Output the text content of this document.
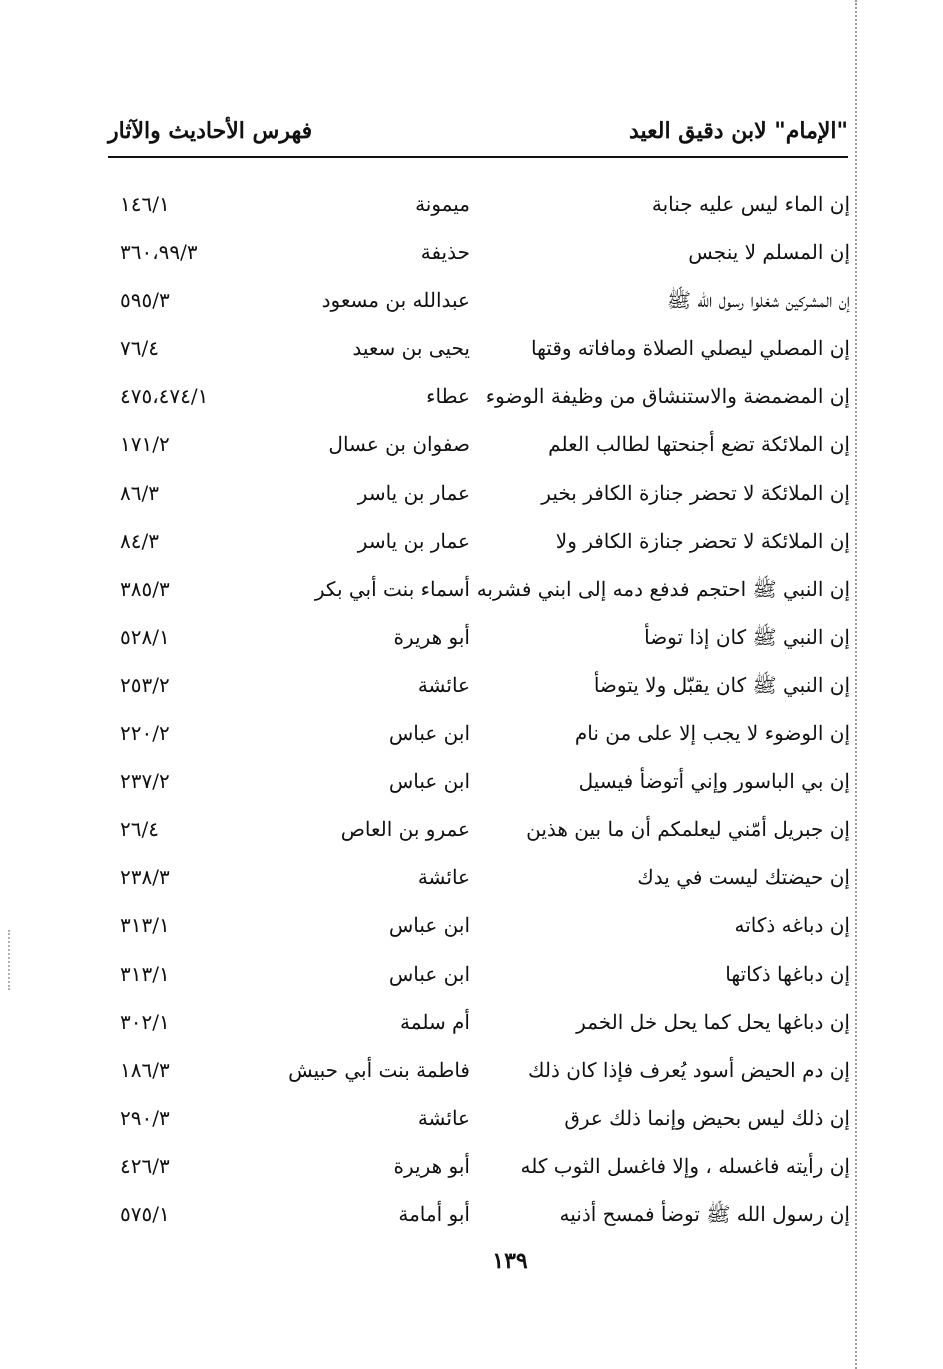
"الإمام" لابن دقيق العيد
فهرس الأحاديث والآثار
إن الماء ليس عليه جنابة
ميمونة
١٤٦/١
إن المسلم لا ينجس
حذيفة
٣٦٠،٩٩/٣
إن المشركين شغلوا رسول الله ﷺ
عبدالله بن مسعود
٥٩٥/٣
إن المصلي ليصلي الصلاة ومافاته وقتها
يحيى بن سعيد
٧٦/٤
إن المضمضة والاستنشاق من وظيفة الوضوء
عطاء
٤٧٥،٤٧٤/١
إن الملائكة تضع أجنحتها لطالب العلم
صفوان بن عسال
١٧١/٢
إن الملائكة لا تحضر جنازة الكافر بخير
عمار بن ياسر
٨٦/٣
إن الملائكة لا تحضر جنازة الكافر ولا
عمار بن ياسر
٨٤/٣
إن النبي ﷺ احتجم فدفع دمه إلى ابني فشربه
أسماء بنت أبي بكر
٣٨٥/٣
إن النبي ﷺ كان إذا توضأ
أبو هريرة
٥٢٨/١
إن النبي ﷺ كان يقبّل ولا يتوضأ
عائشة
٢٥٣/٢
إن الوضوء لا يجب إلا على من نام
ابن عباس
٢٢٠/٢
إن بي الباسور وإني أتوضأ فيسيل
ابن عباس
٢٣٧/٢
إن جبريل أمّني ليعلمكم أن ما بين هذين
عمرو بن العاص
٢٦/٤
إن حيضتك ليست في يدك
عائشة
٢٣٨/٣
إن دباغه ذكاته
ابن عباس
٣١٣/١
إن دباغها ذكاتها
ابن عباس
٣١٣/١
إن دباغها يحل كما يحل خل الخمر
أم سلمة
٣٠٢/١
إن دم الحيض أسود يُعرف فإذا كان ذلك
فاطمة بنت أبي حبيش
١٨٦/٣
إن ذلك ليس بحيض وإنما ذلك عرق
عائشة
٢٩٠/٣
إن رأيته فاغسله ، وإلا فاغسل الثوب كله
أبو هريرة
٤٢٦/٣
إن رسول الله ﷺ توضأ فمسح أذنيه
أبو أمامة
٥٧٥/١
١٣٩
